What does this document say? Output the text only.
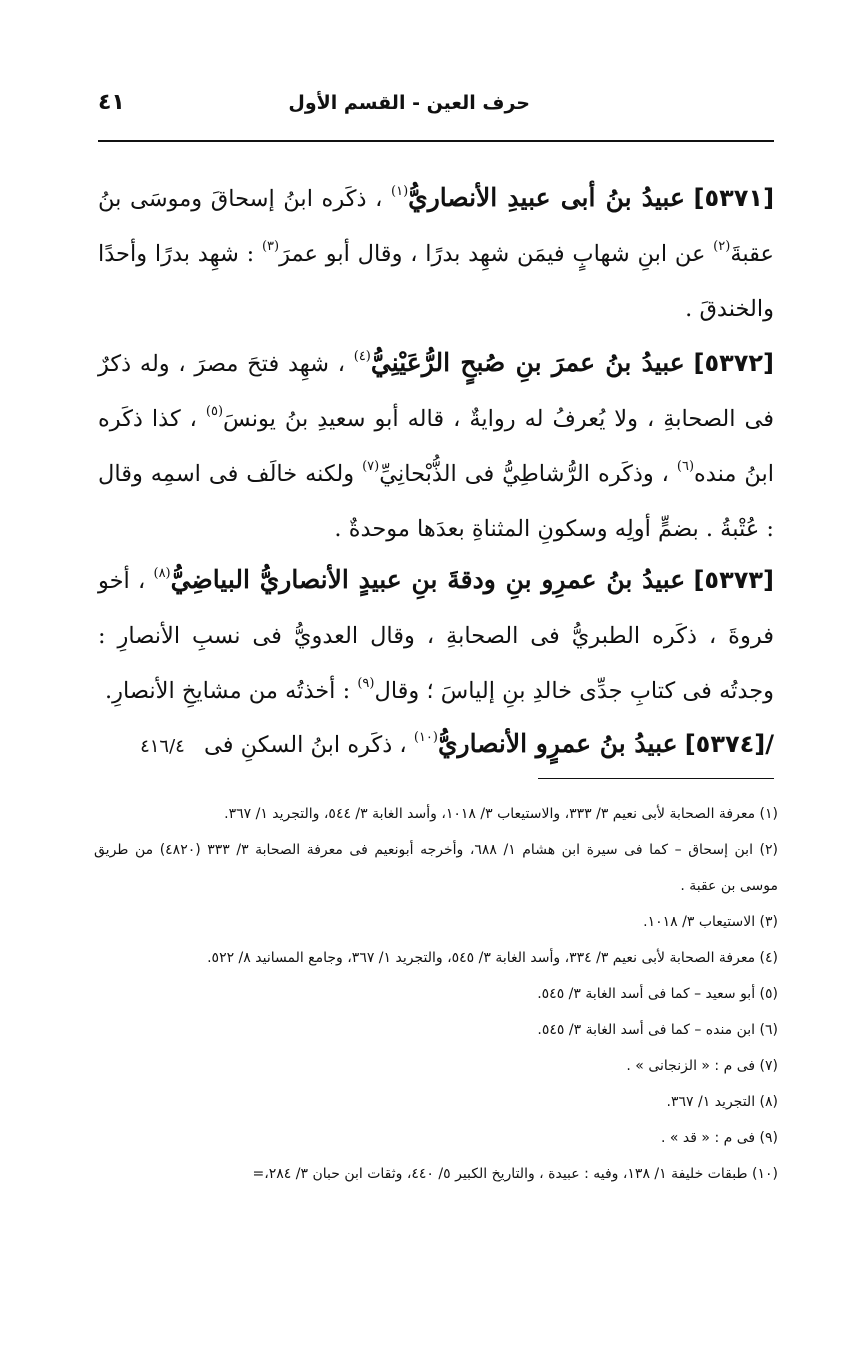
حرف العين - القسم الأول
٤١

[٥٣٧١] عبيدُ بنُ أبى عبيدِ الأنصاريُّ$^{(١)}$ ، ذكَره ابنُ إسحاقَ وموسَى بنُ عقبةَ$^{(٢)}$ عن ابنِ شهابٍ فيمَن شهِد بدرًا ، وقال أبو عمرَ$^{(٣)}$ : شهِد بدرًا وأحدًا والخندقَ .

[٥٣٧٢] عبيدُ بنُ عمرَ بنِ صُبحٍ الرُّعَيْنِيُّ$^{(٤)}$ ، شهِد فتحَ مصرَ ، وله ذكرٌ فى الصحابةِ ، ولا يُعرفُ له روايةٌ ، قاله أبو سعيدِ بنُ يونسَ$^{(٥)}$ ، كذا ذكَره ابنُ منده$^{(٦)}$ ، وذكَره الرُّشاطِيُّ فى الذُّبْحانِيِّ$^{(٧)}$ ولكنه خالَف فى اسمِه وقال : عُتْبةُ . بضمٍّ أولِه وسكونِ المثناةِ بعدَها موحدةٌ .

[٥٣٧٣] عبيدُ بنُ عمرِو بنِ ودقةَ بنِ عبيدٍ الأنصاريُّ البياضِيُّ$^{(٨)}$ ، أخو فروةَ ، ذكَره الطبريُّ فى الصحابةِ ، وقال العدويُّ فى نسبِ الأنصارِ : وجدتُه فى كتابِ جدِّى خالدِ بنِ إلياسَ ؛ وقال$^{(٩)}$ : أخذتُه من مشايخِ الأنصارِ.

/[٥٣٧٤] عبيدُ بنُ عمرٍو الأنصاريُّ$^{(١٠)}$ ، ذكَره ابنُ السكنِ فى ٤١٦/٤

(١) معرفة الصحابة لأبى نعيم ٣/ ٣٣٣، والاستيعاب ٣/ ١٠١٨، وأسد الغابة ٣/ ٥٤٤، والتجريد ١/ ٣٦٧.
(٢) ابن إسحاق – كما فى سيرة ابن هشام ١/ ٦٨٨، وأخرجه أبونعيم فى معرفة الصحابة ٣/ ٣٣٣ (٤٨٢٠) من طريق موسى بن عقبة .
(٣) الاستيعاب ٣/ ١٠١٨.
(٤) معرفة الصحابة لأبى نعيم ٣/ ٣٣٤، وأسد الغابة ٣/ ٥٤٥، والتجريد ١/ ٣٦٧، وجامع المسانيد ٨/ ٥٢٢.
(٥) أبو سعيد – كما فى أسد الغابة ٣/ ٥٤٥.
(٦) ابن منده – كما فى أسد الغابة ٣/ ٥٤٥.
(٧) فى م : « الزنجانى » .
(٨) التجريد ١/ ٣٦٧.
(٩) فى م : « قد » .
(١٠) طبقات خليفة ١/ ١٣٨، وفيه : عبيدة ، والتاريخ الكبير ٥/ ٤٤٠، وثقات ابن حبان ٣/ ٢٨٤،=
